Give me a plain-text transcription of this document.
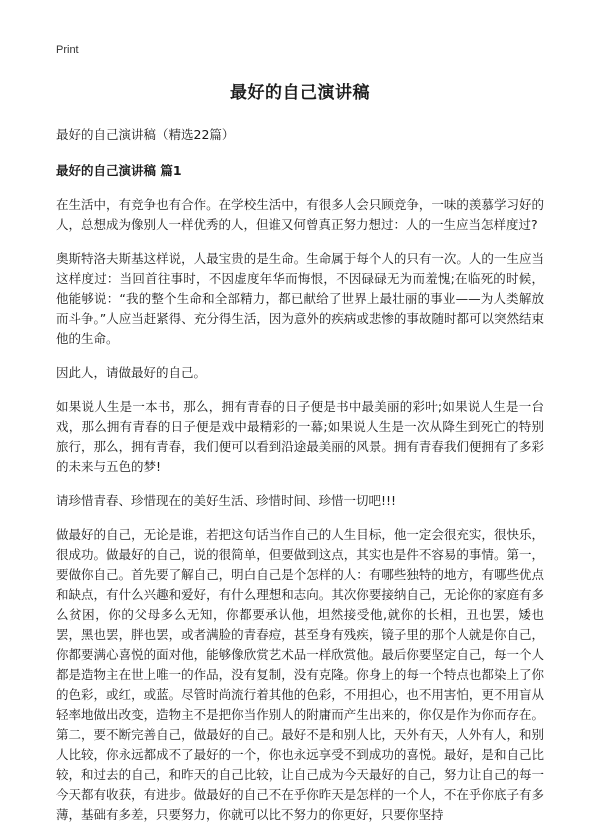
Print
最好的自己演讲稿
最好的自己演讲稿（精选22篇）
最好的自己演讲稿 篇1

在生活中，有竞争也有合作。在学校生活中，有很多人会只顾竞争，一味的羡慕学习好的人，总想成为像别人一样优秀的人，但谁又何曾真正努力想过：人的一生应当怎样度过?

奥斯特洛夫斯基这样说，人最宝贵的是生命。生命属于每个人的只有一次。人的一生应当这样度过：当回首往事时，不因虚度年华而悔恨，不因碌碌无为而羞愧;在临死的时候，他能够说：“我的整个生命和全部精力，都已献给了世界上最壮丽的事业——为人类解放而斗争。”人应当赶紧得、充分得生活，因为意外的疾病或悲惨的事故随时都可以突然结束他的生命。

因此人，请做最好的自己。

如果说人生是一本书，那么，拥有青春的日子便是书中最美丽的彩叶;如果说人生是一台戏，那么拥有青春的日子便是戏中最精彩的一幕;如果说人生是一次从降生到死亡的特别旅行，那么，拥有青春，我们便可以看到沿途最美丽的风景。拥有青春我们便拥有了多彩的未来与五色的梦!

请珍惜青春、珍惜现在的美好生活、珍惜时间、珍惜一切吧!!!

做最好的自己，无论是谁，若把这句话当作自己的人生目标，他一定会很充实，很快乐，很成功。做最好的自己，说的很简单，但要做到这点，其实也是件不容易的事情。第一，要做你自己。首先要了解自己，明白自己是个怎样的人：有哪些独特的地方，有哪些优点和缺点，有什么兴趣和爱好，有什么理想和志向。其次你要接纳自己，无论你的家庭有多么贫困，你的父母多么无知，你都要承认他，坦然接受他,就你的长相，丑也罢，矮也罢，黑也罢，胖也罢，或者满脸的青春痘，甚至身有残疾，镜子里的那个人就是你自己，你都要满心喜悦的面对他，能够像欣赏艺术品一样欣赏他。最后你要坚定自己，每一个人都是造物主在世上唯一的作品，没有复制，没有克隆。你身上的每一个特点也都染上了你的色彩，或红，或蓝。尽管时尚流行着其他的色彩，不用担心，也不用害怕，更不用盲从轻率地做出改变，造物主不是把你当作别人的附庸而产生出来的，你仅是作为你而存在。第二，要不断完善自己，做最好的自己。最好不是和别人比，天外有天，人外有人，和别人比较，你永远都成不了最好的一个，你也永远享受不到成功的喜悦。最好，是和自己比较，和过去的自己，和昨天的自己比较，让自己成为今天最好的自己，努力让自己的每一今天都有收获，有进步。做最好的自己不在乎你昨天是怎样的一个人，不在乎你底子有多薄，基础有多差，只要努力，你就可以比不努力的你更好，只要你坚持
